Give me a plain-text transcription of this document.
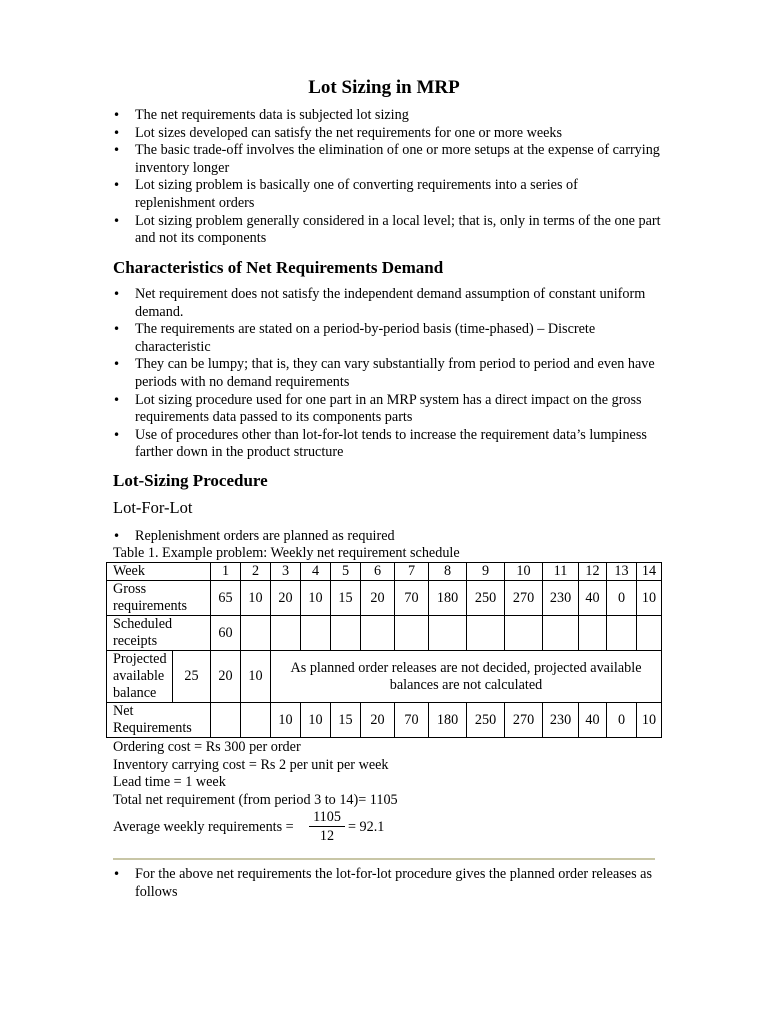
Lot Sizing in MRP
• The net requirements data is subjected lot sizing
• Lot sizes developed can satisfy the net requirements for one or more weeks
• The basic trade-off involves the elimination of one or more setups at the expense of carrying inventory longer
• Lot sizing problem is basically one of converting requirements into a series of replenishment orders
• Lot sizing problem generally considered in a local level; that is, only in terms of the one part and not its components
Characteristics of Net Requirements Demand
• Net requirement does not satisfy the independent demand assumption of constant uniform demand.
• The requirements are stated on a period-by-period basis (time-phased) – Discrete characteristic
• They can be lumpy; that is, they can vary substantially from period to period and even have periods with no demand requirements
• Lot sizing procedure used for one part in an MRP system has a direct impact on the gross requirements data passed to its components parts
• Use of procedures other than lot-for-lot tends to increase the requirement data’s lumpiness farther down in the product structure
Lot-Sizing Procedure
Lot-For-Lot
• Replenishment orders are planned as required
Table 1. Example problem: Weekly net requirement schedule
Week		1	2	3	4	5	6	7	8	9	10	11	12	13	14
Gross requirements		65	10	20	10	15	20	70	180	250	270	230	40	0	10
Scheduled receipts		60													
Projected available balance	25	20	10	As planned order releases are not decided, projected available balances are not calculated											
Net Requirements				10	10	15	20	70	180	250	270	230	40	0	10
Ordering cost = Rs 300 per order
Inventory carrying cost = Rs 2 per unit per week
Lead time = 1 week
Total net requirement (from period 3 to 14)= 1105
Average weekly requirements = $\frac{1105}{12} = 92.1$
• For the above net requirements the lot-for-lot procedure gives the planned order releases as follows
